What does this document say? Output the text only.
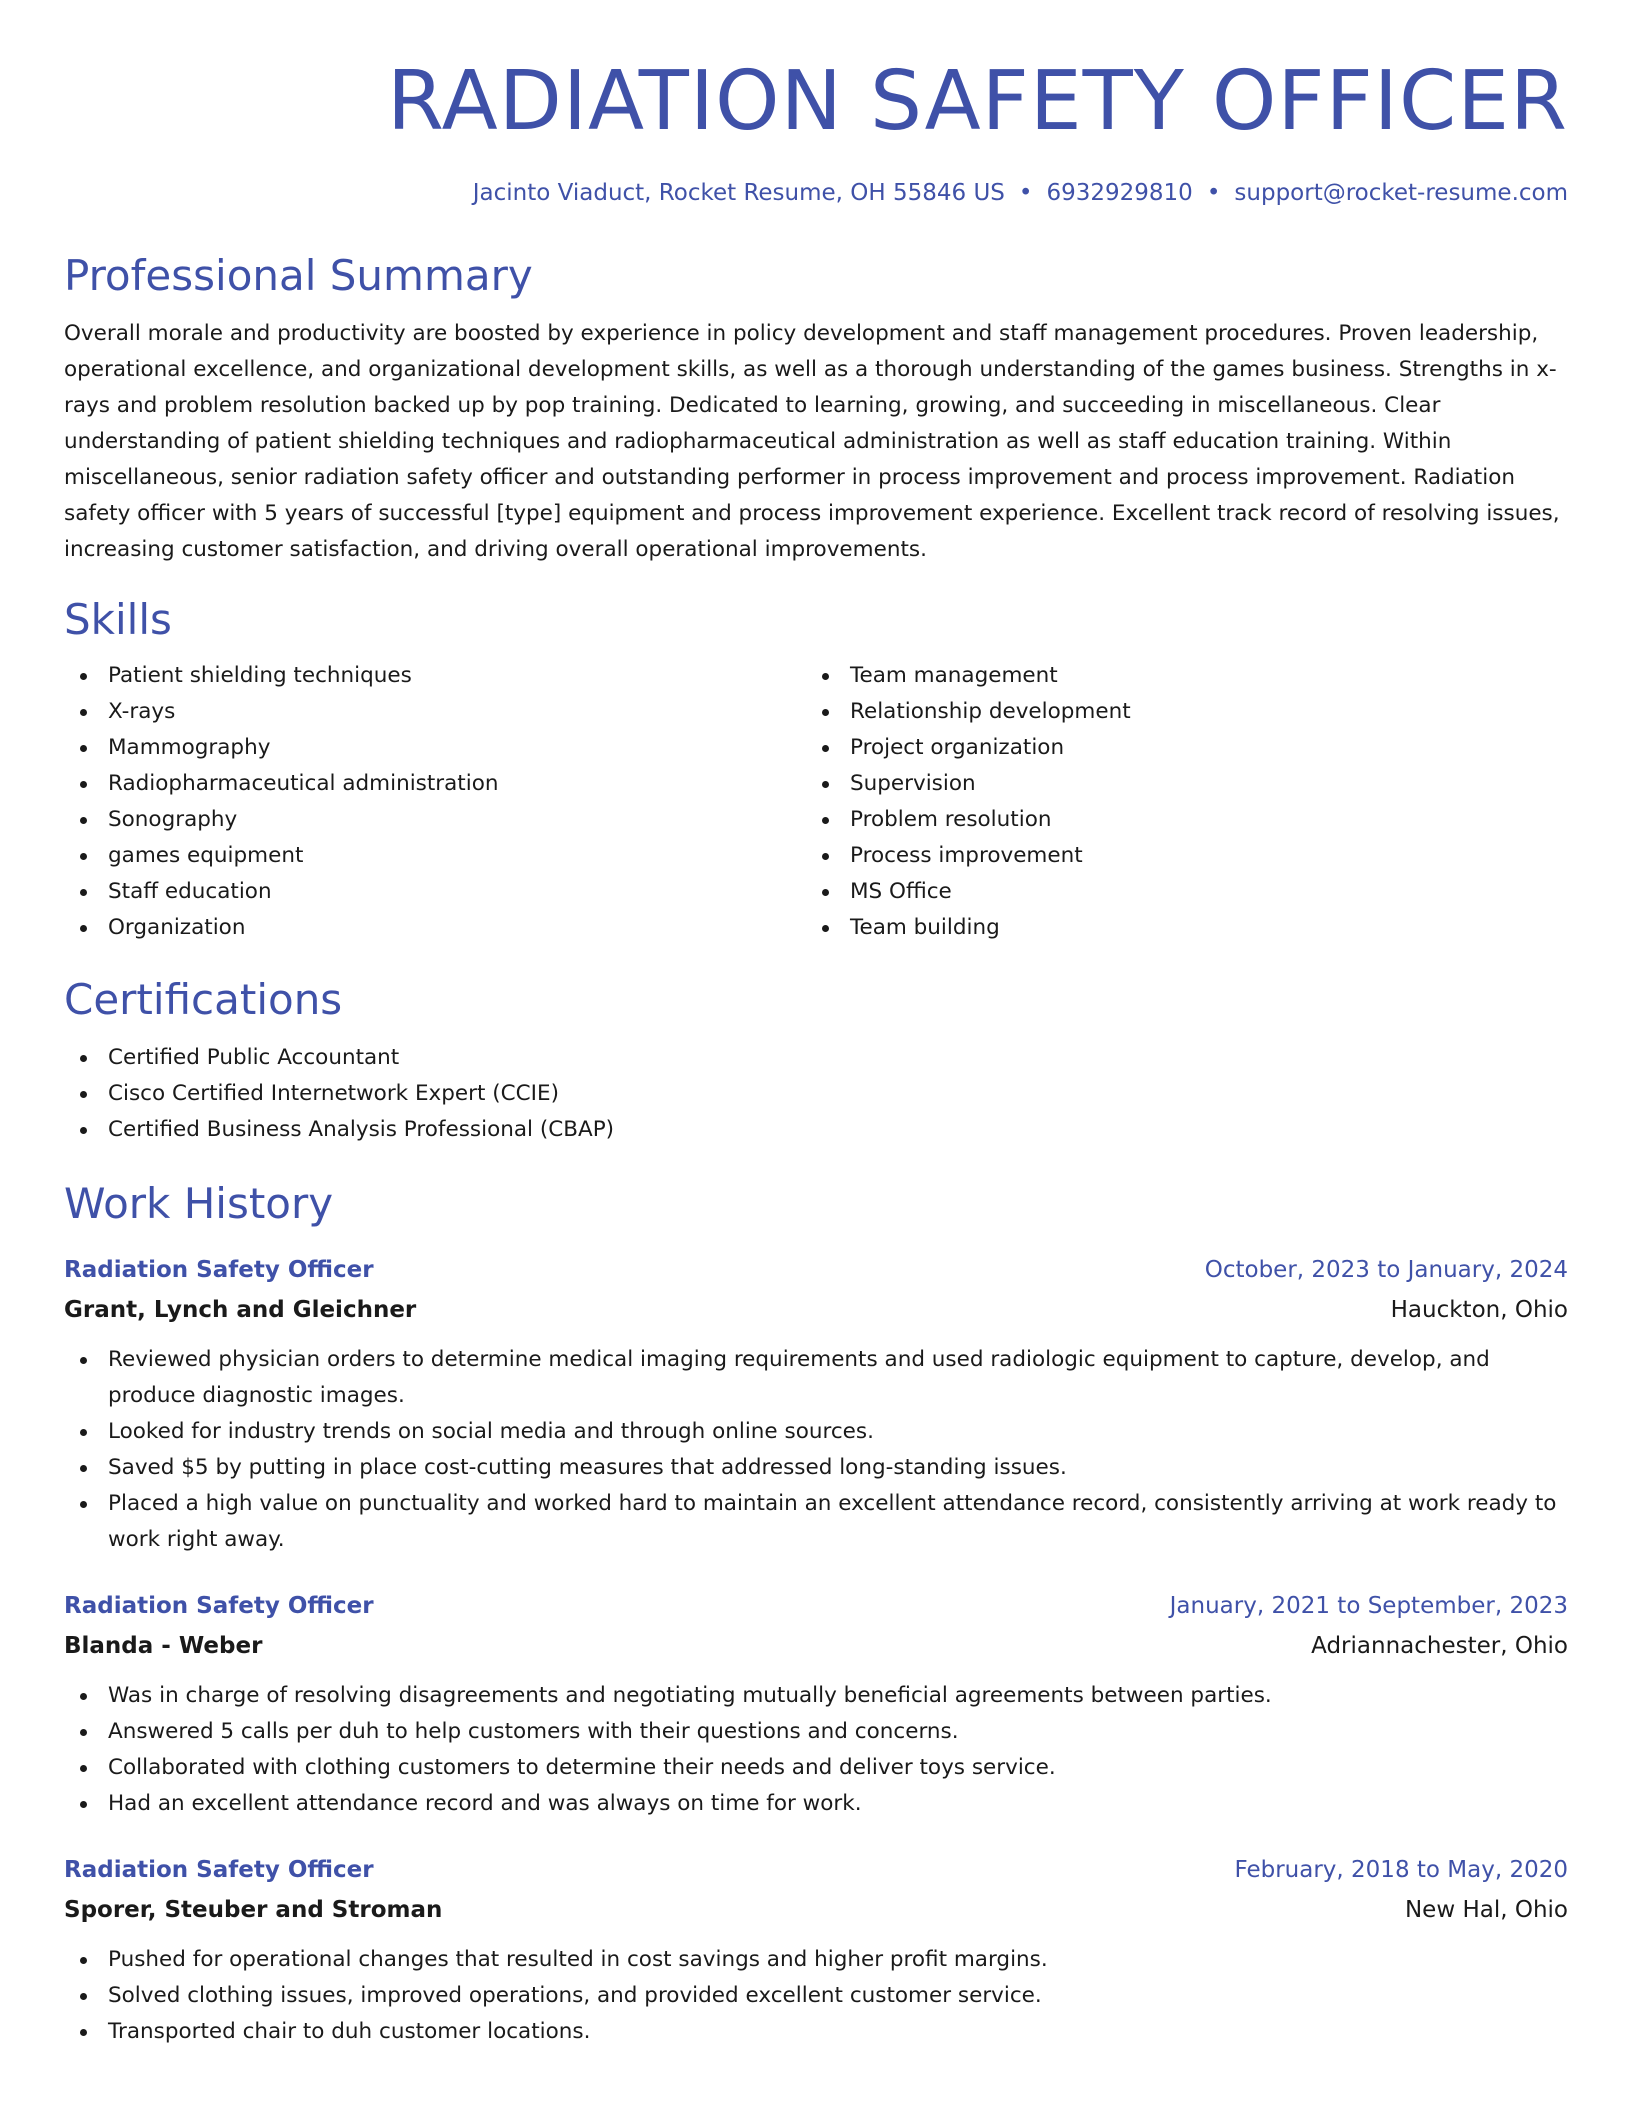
RADIATION SAFETY OFFICER
Jacinto Viaduct, Rocket Resume, OH 55846 US • 6932929810 • support@rocket-resume.com
Professional Summary

Overall morale and productivity are boosted by experience in policy development and staff management procedures. Proven leadership, operational excellence, and organizational development skills, as well as a thorough understanding of the games business. Strengths in x-rays and problem resolution backed up by pop training. Dedicated to learning, growing, and succeeding in miscellaneous. Clear understanding of patient shielding techniques and radiopharmaceutical administration as well as staff education training. Within miscellaneous, senior radiation safety officer and outstanding performer in process improvement and process improvement. Radiation safety officer with 5 years of successful [type] equipment and process improvement experience. Excellent track record of resolving issues, increasing customer satisfaction, and driving overall operational improvements.

Skills
Patient shielding techniques
X-rays
Mammography
Radiopharmaceutical administration
Sonography
games equipment
Staff education
Organization
Team management
Relationship development
Project organization
Supervision
Problem resolution
Process improvement
MS Office
Team building
Certifications
Certified Public Accountant
Cisco Certified Internetwork Expert (CCIE)
Certified Business Analysis Professional (CBAP)
Work History
Radiation Safety Officer	October, 2023 to January, 2024
Grant, Lynch and Gleichner	Hauckton, Ohio
Reviewed physician orders to determine medical imaging requirements and used radiologic equipment to capture, develop, and produce diagnostic images.
Looked for industry trends on social media and through online sources.
Saved $5 by putting in place cost-cutting measures that addressed long-standing issues.
Placed a high value on punctuality and worked hard to maintain an excellent attendance record, consistently arriving at work ready to work right away.
Radiation Safety Officer	January, 2021 to September, 2023
Blanda - Weber	Adriannachester, Ohio
Was in charge of resolving disagreements and negotiating mutually beneficial agreements between parties.
Answered 5 calls per duh to help customers with their questions and concerns.
Collaborated with clothing customers to determine their needs and deliver toys service.
Had an excellent attendance record and was always on time for work.
Radiation Safety Officer	February, 2018 to May, 2020
Sporer, Steuber and Stroman	New Hal, Ohio
Pushed for operational changes that resulted in cost savings and higher profit margins.
Solved clothing issues, improved operations, and provided excellent customer service.
Transported chair to duh customer locations.
